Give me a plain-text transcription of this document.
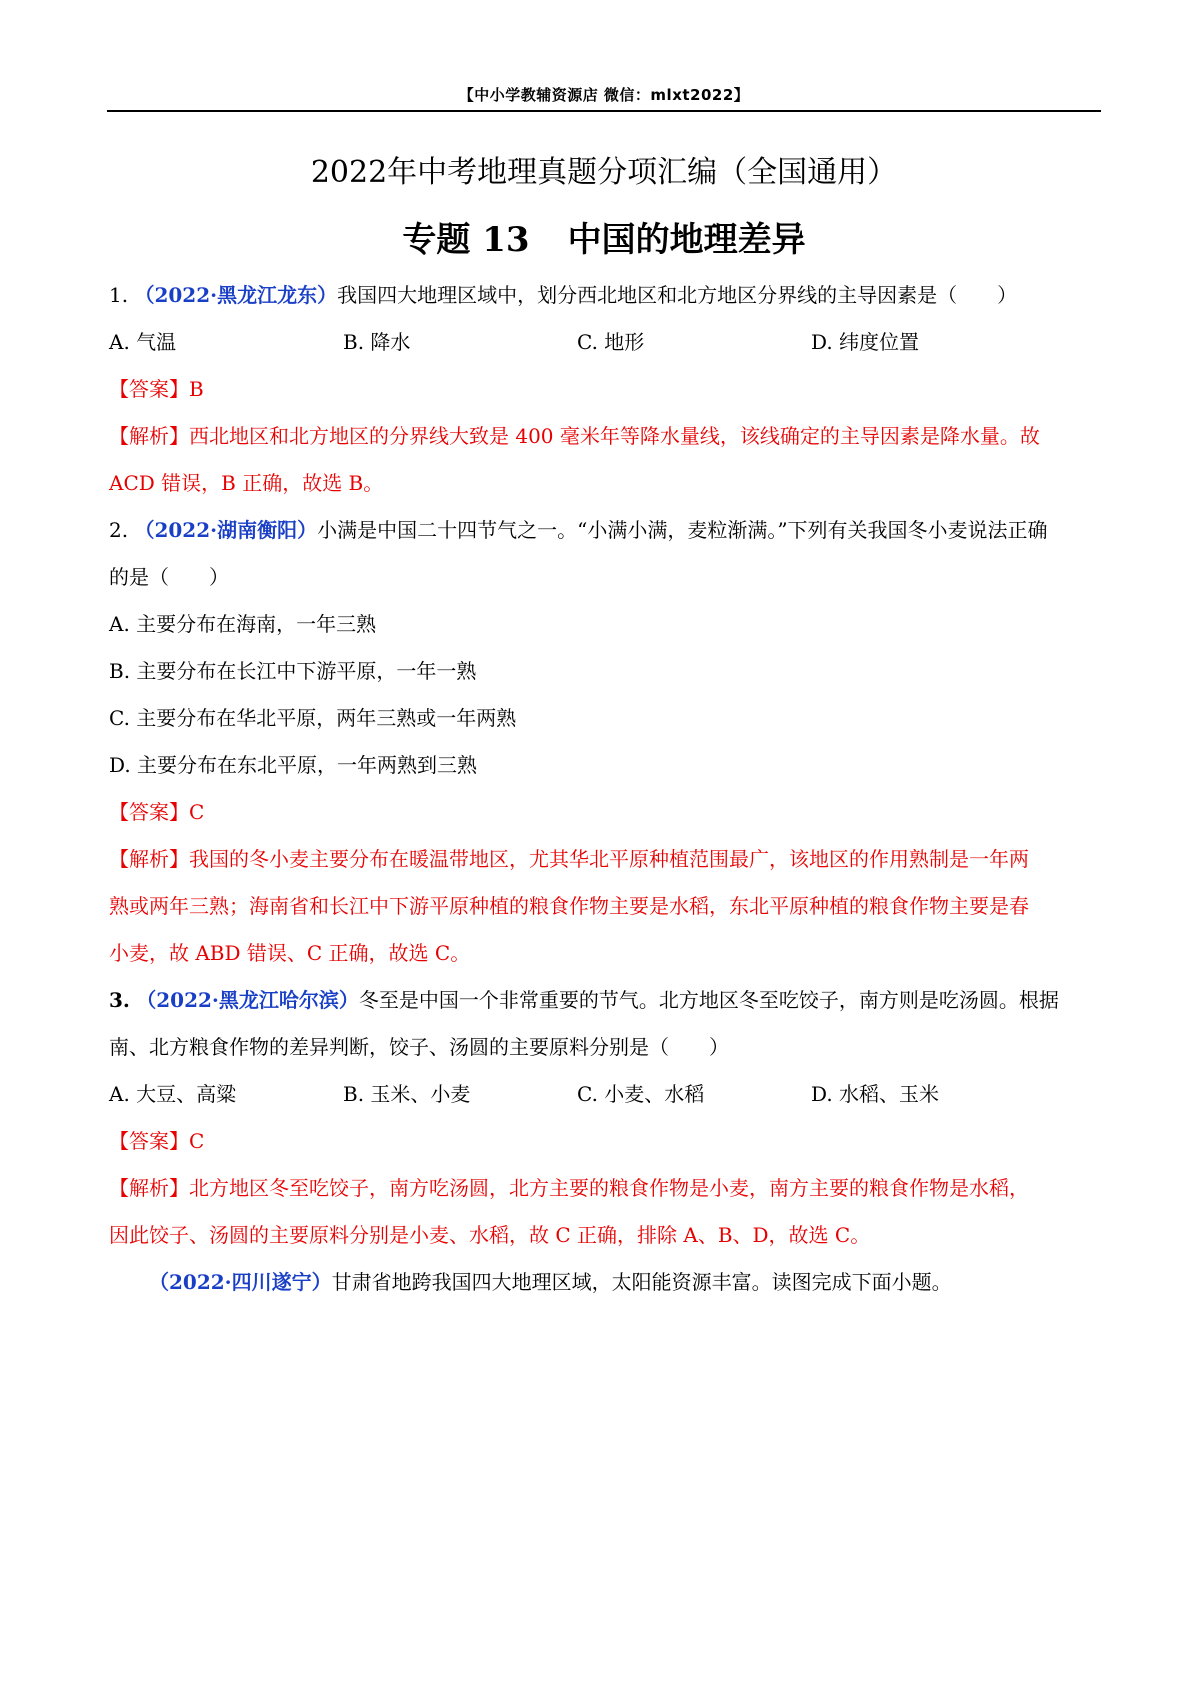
【中小学教辅资源店 微信：mlxt2022】
2022年中考地理真题分项汇编（全国通用）
专题 13 中国的地理差异
1. （2022·黑龙江龙东）我国四大地理区域中，划分西北地区和北方地区分界线的主导因素是（　　）
A. 气温	B. 降水	C. 地形	D. 纬度位置
【答案】B
【解析】西北地区和北方地区的分界线大致是 400 毫米年等降水量线，该线确定的主导因素是降水量。故
ACD 错误，B 正确，故选 B。
2. （2022·湖南衡阳）小满是中国二十四节气之一。“小满小满，麦粒渐满。”下列有关我国冬小麦说法正确
的是（　　）
A. 主要分布在海南，一年三熟
B. 主要分布在长江中下游平原，一年一熟
C. 主要分布在华北平原，两年三熟或一年两熟
D. 主要分布在东北平原，一年两熟到三熟
【答案】C
【解析】我国的冬小麦主要分布在暖温带地区，尤其华北平原种植范围最广，该地区的作用熟制是一年两
熟或两年三熟；海南省和长江中下游平原种植的粮食作物主要是水稻，东北平原种植的粮食作物主要是春
小麦，故 ABD 错误、C 正确，故选 C。
3. （2022·黑龙江哈尔滨）冬至是中国一个非常重要的节气。北方地区冬至吃饺子，南方则是吃汤圆。根据
南、北方粮食作物的差异判断，饺子、汤圆的主要原料分别是（　　）
A. 大豆、高粱	B. 玉米、小麦	C. 小麦、水稻	D. 水稻、玉米
【答案】C
【解析】北方地区冬至吃饺子，南方吃汤圆，北方主要的粮食作物是小麦，南方主要的粮食作物是水稻，
因此饺子、汤圆的主要原料分别是小麦、水稻，故 C 正确，排除 A、B、D，故选 C。
（2022·四川遂宁）甘肃省地跨我国四大地理区域，太阳能资源丰富。读图完成下面小题。
